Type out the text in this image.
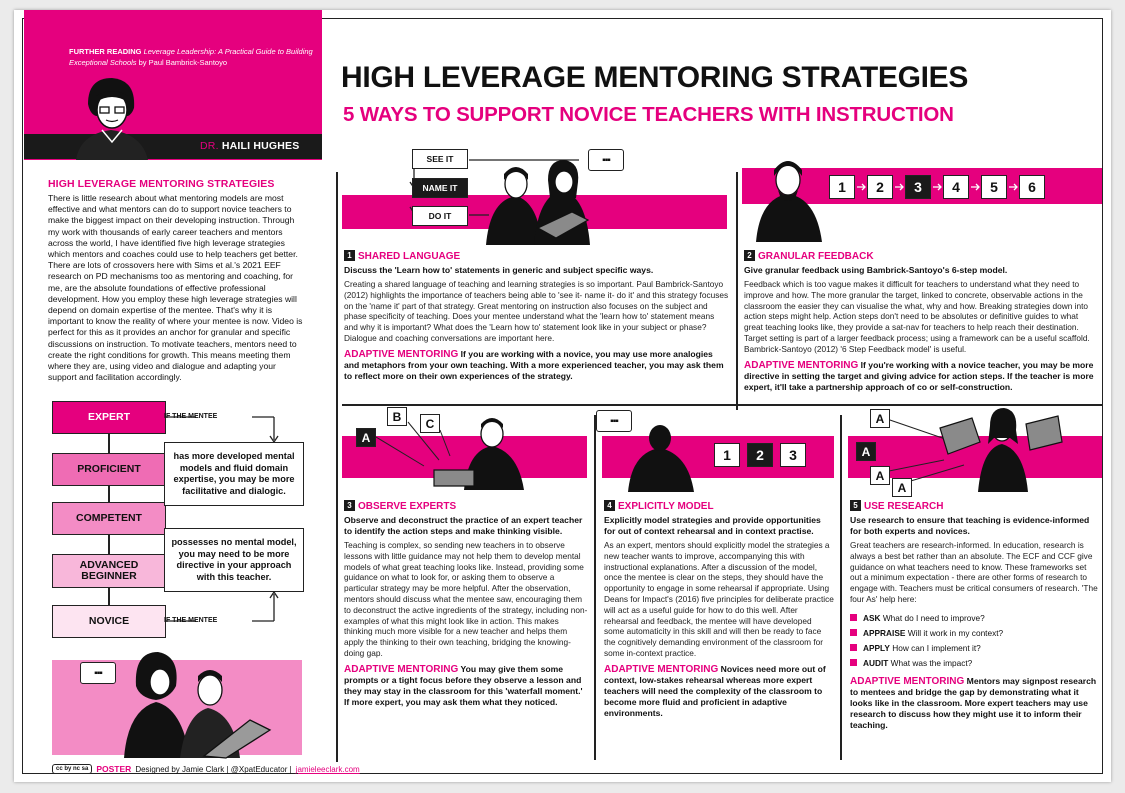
FURTHER READING Leverage Leadership: A Practical Guide to Building Exceptional Schools by Paul Bambrick-Santoyo
DR. HAILI HUGHES
HIGH LEVERAGE MENTORING STRATEGIES
5 WAYS TO SUPPORT NOVICE TEACHERS WITH INSTRUCTION
HIGH LEVERAGE MENTORING STRATEGIES

There is little research about what mentoring models are most effective and what mentors can do to support novice teachers to make the biggest impact on their developing instruction. Through my work with thousands of early career teachers and mentors across the world, I have identified five high leverage strategies which mentors and coaches could use to help teachers get better. There are lots of crossovers here with Sims et al.'s 2021 EEF research on PD mechanisms too as mentoring and coaching, for me, are the absolute foundations of effective professional development. How you employ these high leverage strategies will depend on domain expertise of the mentee. That's why it is important to know the reality of where your mentee is now. Video is perfect for this as it provides an anchor for granular and specific discussions on instruction. To motivate teachers, mentors need to create the right conditions for growth. This means meeting them where they are, using video and dialogue and adapting your support and facilitation accordingly.

EXPERT
PROFICIENT
COMPETENT
ADVANCED BEGINNER
NOVICE
IF THE MENTEE
IF THE MENTEE
has more developed mental models and fluid domain expertise, you may be more facilitative and dialogic.
possesses no mental model, you may need to be more directive in your approach with this teacher.
▪▪▪
SEE IT
NAME IT
DO IT
▪▪▪
1 SHARED LANGUAGE
Discuss the 'Learn how to' statements in generic and subject specific ways.
Creating a shared language of teaching and learning strategies is so important. Paul Bambrick-Santoyo (2012) highlights the importance of teachers being able to 'see it- name it- do it' and this strategy focuses on the 'name it' part of that strategy. Great mentoring on instruction also focuses on the subject and phase specificity of teaching. Does your mentee understand what the 'learn how to' statement means and why it is important? What does the 'Learn how to' statement look like in your subject or phase? Dialogue and coaching conversations are important here.
ADAPTIVE MENTORING If you are working with a novice, you may use more analogies and metaphors from your own teaching. With a more experienced teacher, you may ask them to reflect more on their own experiences of the strategy.
1	2	3	4	5	6
2 GRANULAR FEEDBACK
Give granular feedback using Bambrick-Santoyo's 6-step model.
Feedback which is too vague makes it difficult for teachers to understand what they need to improve and how. The more granular the target, linked to concrete, observable actions in the classroom the easier they can visualise the what, why and how. Breaking strategies down into action steps might help. Action steps don't need to be absolutes or definitive guides to what great teaching looks like, they provide a sat-nav for teachers to help reach their destination. Target setting is part of a larger feedback process; using a framework can be a useful scaffold. Bambrick-Santoyo (2012) '6 Step Feedback model' is useful.
ADAPTIVE MENTORING If you're working with a novice teacher, you may be more directive in setting the target and giving advice for action steps. If the teacher is more expert, it'll take a partnership approach of co or self-construction.
A
B	C
3 OBSERVE EXPERTS
Observe and deconstruct the practice of an expert teacher to identify the action steps and make thinking visible.
Teaching is complex, so sending new teachers in to observe lessons with little guidance may not help them to develop mental models of what great teaching looks like. Instead, providing some guidance on what to look for, or asking them to observe a particular strategy may be more helpful. After the observation, mentors should discuss what the mentee saw, encouraging them to deconstruct the active ingredients of the strategy, including non-examples of what this might look like in action. This makes thinking much more visible for a new teacher and helps them apply the thinking to their own teaching, bridging the knowing-doing gap.
ADAPTIVE MENTORING You may give them some prompts or a tight focus before they observe a lesson and they may stay in the classroom for this 'waterfall moment.' If more expert, you may ask them what they noticed.
▪▪▪
1	2	3
4 EXPLICITLY MODEL
Explicitly model strategies and provide opportunities for out of context rehearsal and in context practise.
As an expert, mentors should explicitly model the strategies a new teacher wants to improve, accompanying this with instructional explanations. After a discussion of the model, once the mentee is clear on the steps, they should have the opportunity to engage in some rehearsal if appropriate. Using Deans for Impact's (2016) five principles for deliberate practice will act as a useful guide for how to do this well. After rehearsal and feedback, the mentee will have developed some automaticity in this skill and will then be ready to face the cognitively demanding environment of the classroom for some in-context practice.
ADAPTIVE MENTORING Novices need more out of context, low-stakes rehearsal whereas more expert teachers will need the complexity of the classroom to become more fluid and proficient in adaptive environments.
A
A
A
A
5 USE RESEARCH
Use research to ensure that teaching is evidence-informed for both experts and novices.
Great teachers are research-informed. In education, research is always a best bet rather than an absolute. The ECF and CCF give guidance on what teachers need to know. These frameworks set out a minimum expectation - there are other forms of research to engage with. Teachers must be critical consumers of research. 'The four As' help here:
ASK What do I need to improve?
APPRAISE Will it work in my context?
APPLY How can I implement it?
AUDIT What was the impact?
ADAPTIVE MENTORING Mentors may signpost research to mentees and bridge the gap by demonstrating what it looks like in the classroom. More expert teachers may use research to discuss how they might use it to inform their teaching.
cc by nc sa POSTER Designed by Jamie Clark | @XpatEducator | jamieleeclark.com
